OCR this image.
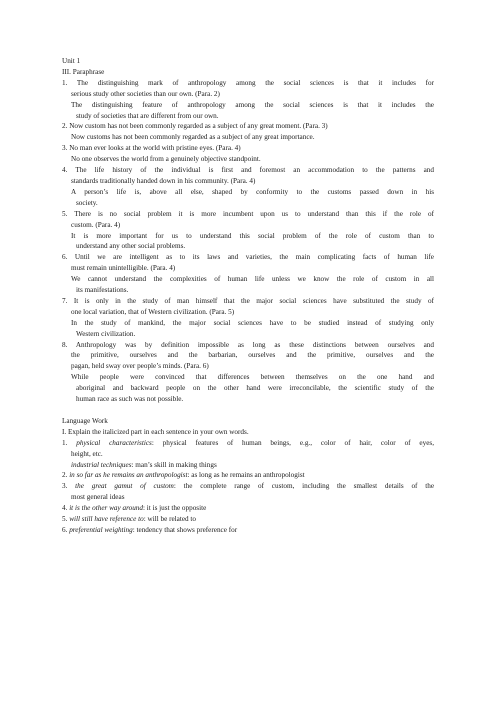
Unit 1
III. Paraphrase
1. The distinguishing mark of anthropology among the social sciences is that it includes for
serious study other societies than our own. (Para. 2)
The distinguishing feature of anthropology among the social sciences is that it includes the
study of societies that are different from our own.
2. Now custom has not been commonly regarded as a subject of any great moment. (Para. 3)
Now customs has not been commonly regarded as a subject of any great importance.
3. No man ever looks at the world with pristine eyes. (Para. 4)
No one observes the world from a genuinely objective standpoint.
4. The life history of the individual is first and foremost an accommodation to the patterns and
standards traditionally handed down in his community. (Para. 4)
A person’s life is, above all else, shaped by conformity to the customs passed down in his
society.
5. There is no social problem it is more incumbent upon us to understand than this if the role of
custom. (Para. 4)
It is more important for us to understand this social problem of the role of custom than to
understand any other social problems.
6. Until we are intelligent as to its laws and varieties, the main complicating facts of human life
must remain unintelligible. (Para. 4)
We cannot understand the complexities of human life unless we know the role of custom in all
its manifestations.
7. It is only in the study of man himself that the major social sciences have substituted the study of
one local variation, that of Western civilization. (Para. 5)
In the study of mankind, the major social sciences have to be studied instead of studying only
Western civilization.
8. Anthropology was by definition impossible as long as these distinctions between ourselves and
the primitive, ourselves and the barbarian, ourselves and the primitive, ourselves and the
pagan, held sway over people’s minds. (Para. 6)
While people were convinced that differences between themselves on the one hand and
aboriginal and backward people on the other hand were irreconcilable, the scientific study of the
human race as such was not possible.
Language Work
I. Explain the italicized part in each sentence in your own words.
1. physical characteristics: physical features of human beings, e.g., color of hair, color of eyes,
height, etc.
industrial techniques: man’s skill in making things
2. in so far as he remains an anthropologist: as long as he remains an anthropologist
3. the great gamut of custom: the complete range of custom, including the smallest details of the
most general ideas
4. it is the other way around: it is just the opposite
5. will still have reference to: will be related to
6. preferential weighting: tendency that shows preference for
